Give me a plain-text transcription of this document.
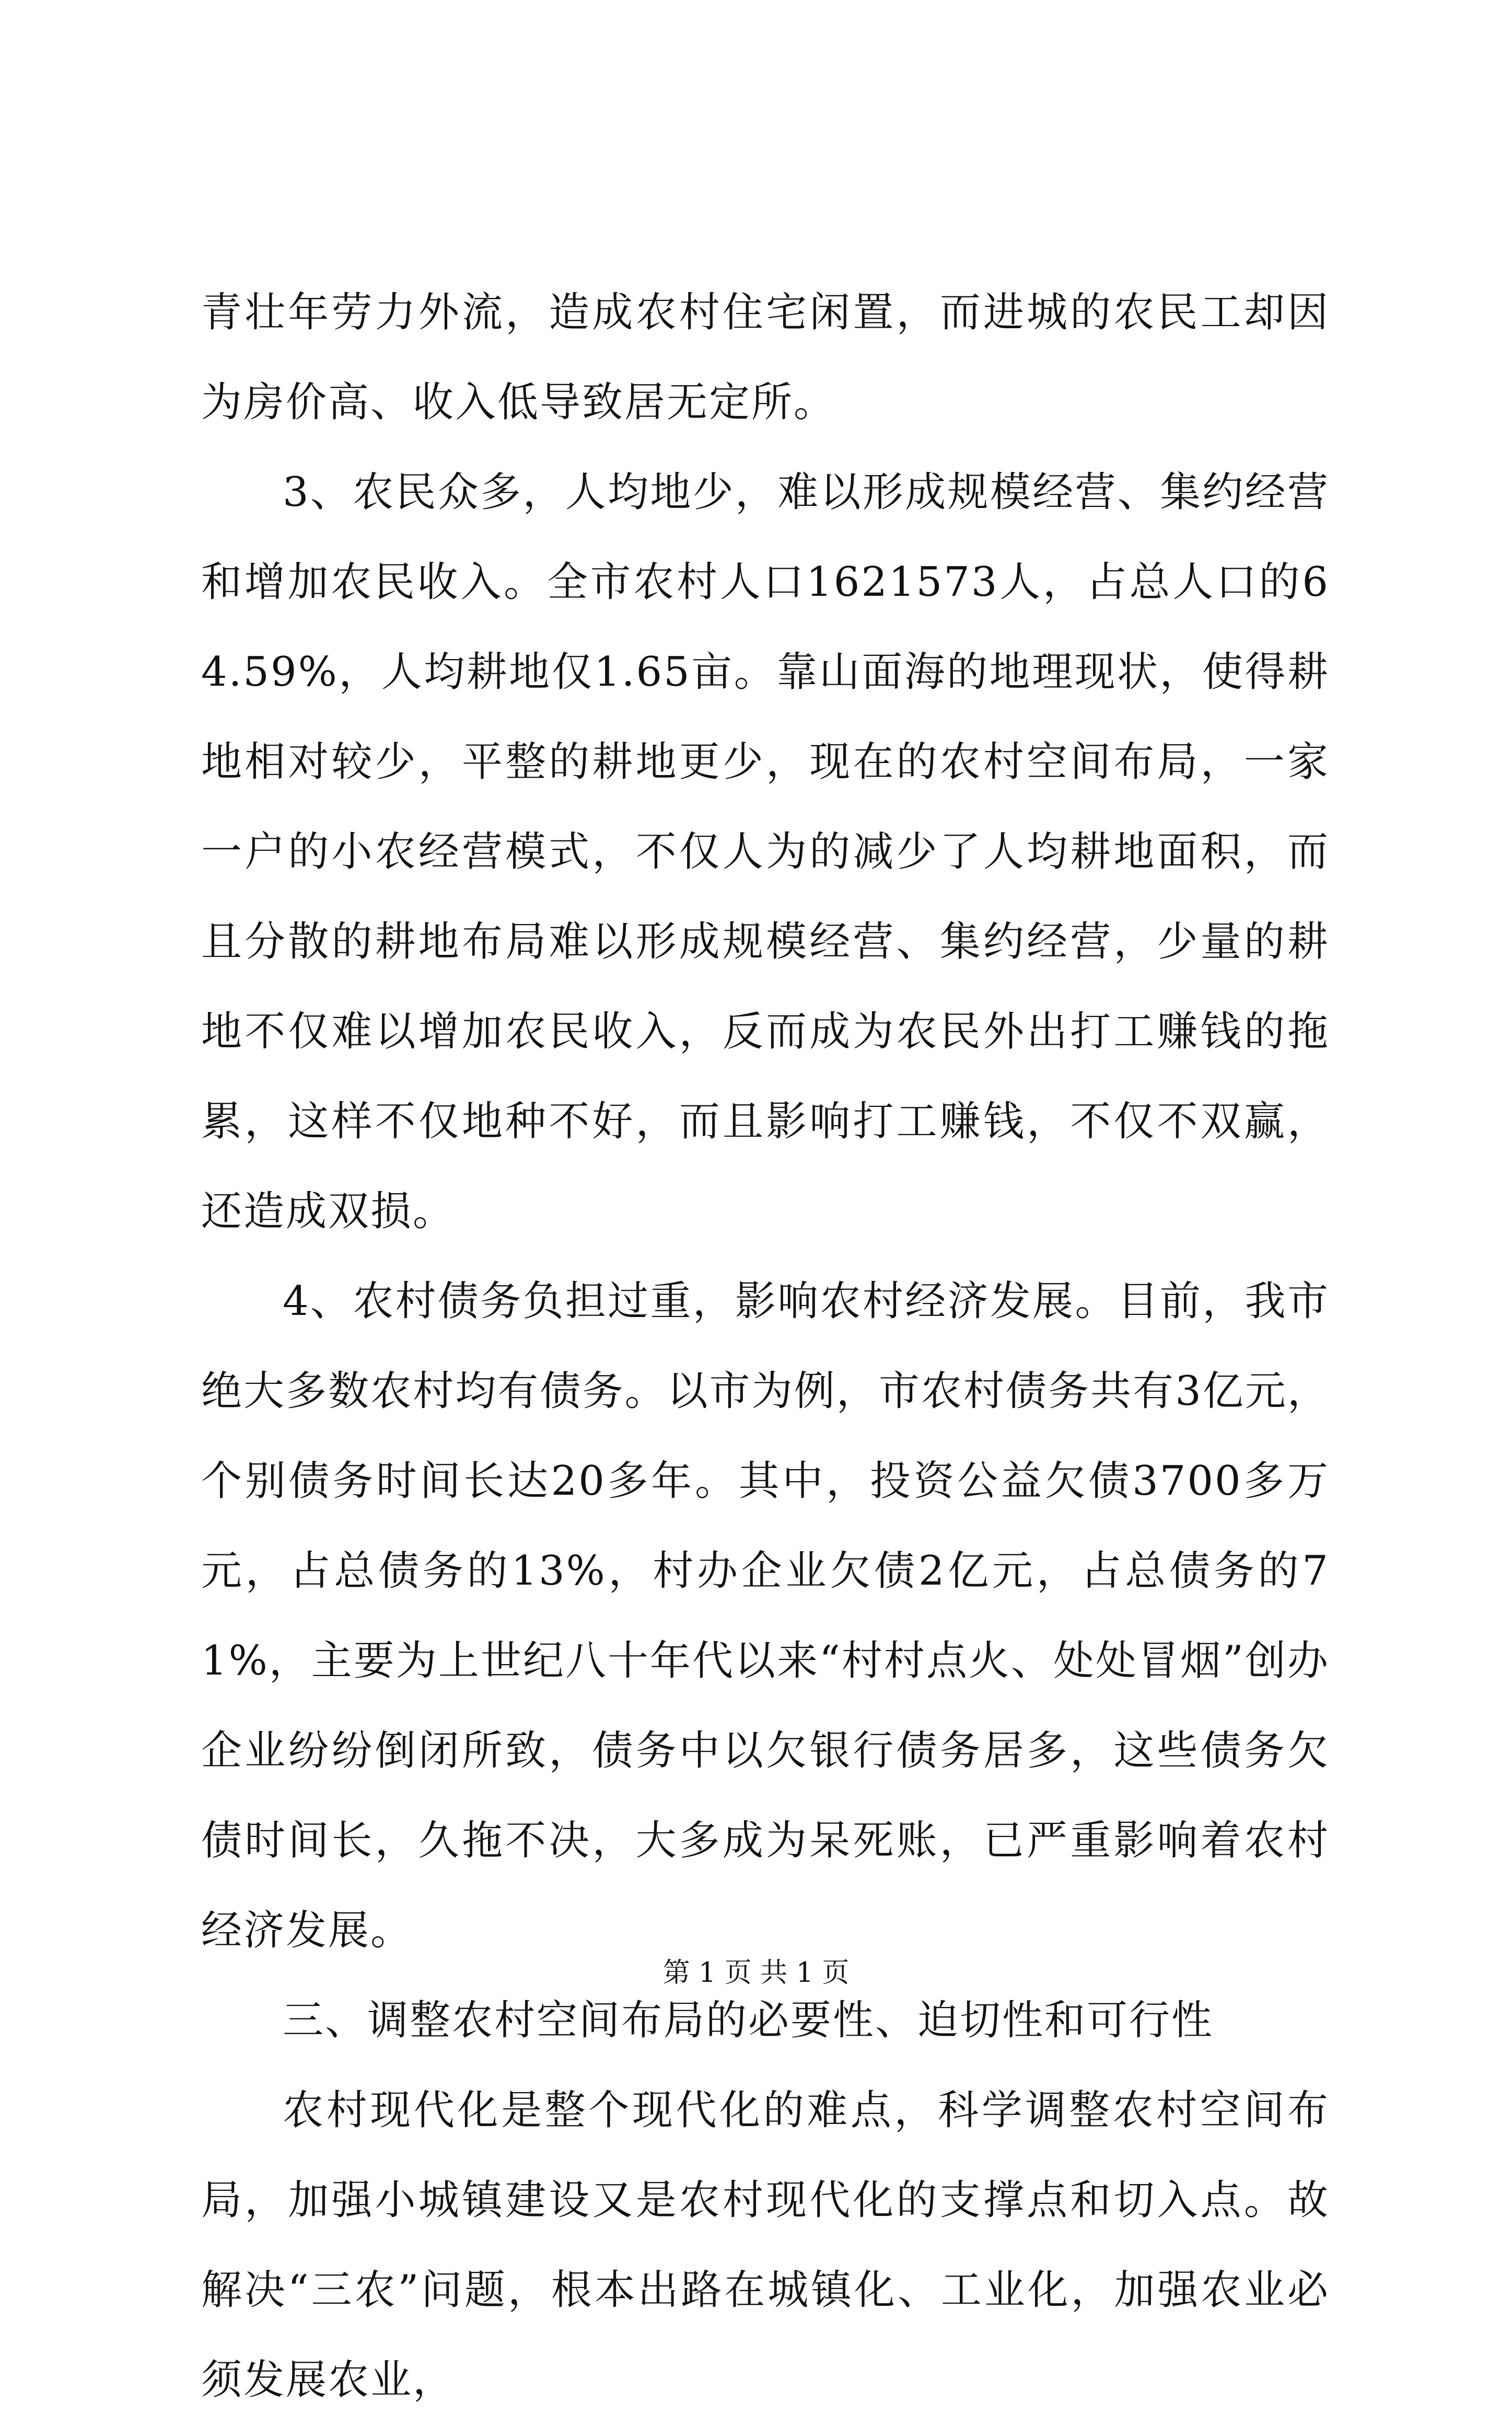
青壮年劳力外流，造成农村住宅闲置，而进城的农民工却因为房价高、收入低导致居无定所。

3、农民众多，人均地少，难以形成规模经营、集约经营和增加农民收入。全市农村人口1621573人，占总人口的64.59%，人均耕地仅1.65亩。靠山面海的地理现状，使得耕地相对较少，平整的耕地更少，现在的农村空间布局，一家一户的小农经营模式，不仅人为的减少了人均耕地面积，而且分散的耕地布局难以形成规模经营、集约经营，少量的耕地不仅难以增加农民收入，反而成为农民外出打工赚钱的拖累，这样不仅地种不好，而且影响打工赚钱，不仅不双赢，还造成双损。

4、农村债务负担过重，影响农村经济发展。目前，我市绝大多数农村均有债务。以市为例，市农村债务共有3亿元，个别债务时间长达20多年。其中，投资公益欠债3700多万元，占总债务的13%，村办企业欠债2亿元，占总债务的71%，主要为上世纪八十年代以来“村村点火、处处冒烟”创办企业纷纷倒闭所致，债务中以欠银行债务居多，这些债务欠债时间长，久拖不决，大多成为呆死账，已严重影响着农村经济发展。

三、调整农村空间布局的必要性、迫切性和可行性

农村现代化是整个现代化的难点，科学调整农村空间布局，加强小城镇建设又是农村现代化的支撑点和切入点。故解决“三农”问题，根本出路在城镇化、工业化，加强农业必须发展农业，

第 1 页 共 1 页
